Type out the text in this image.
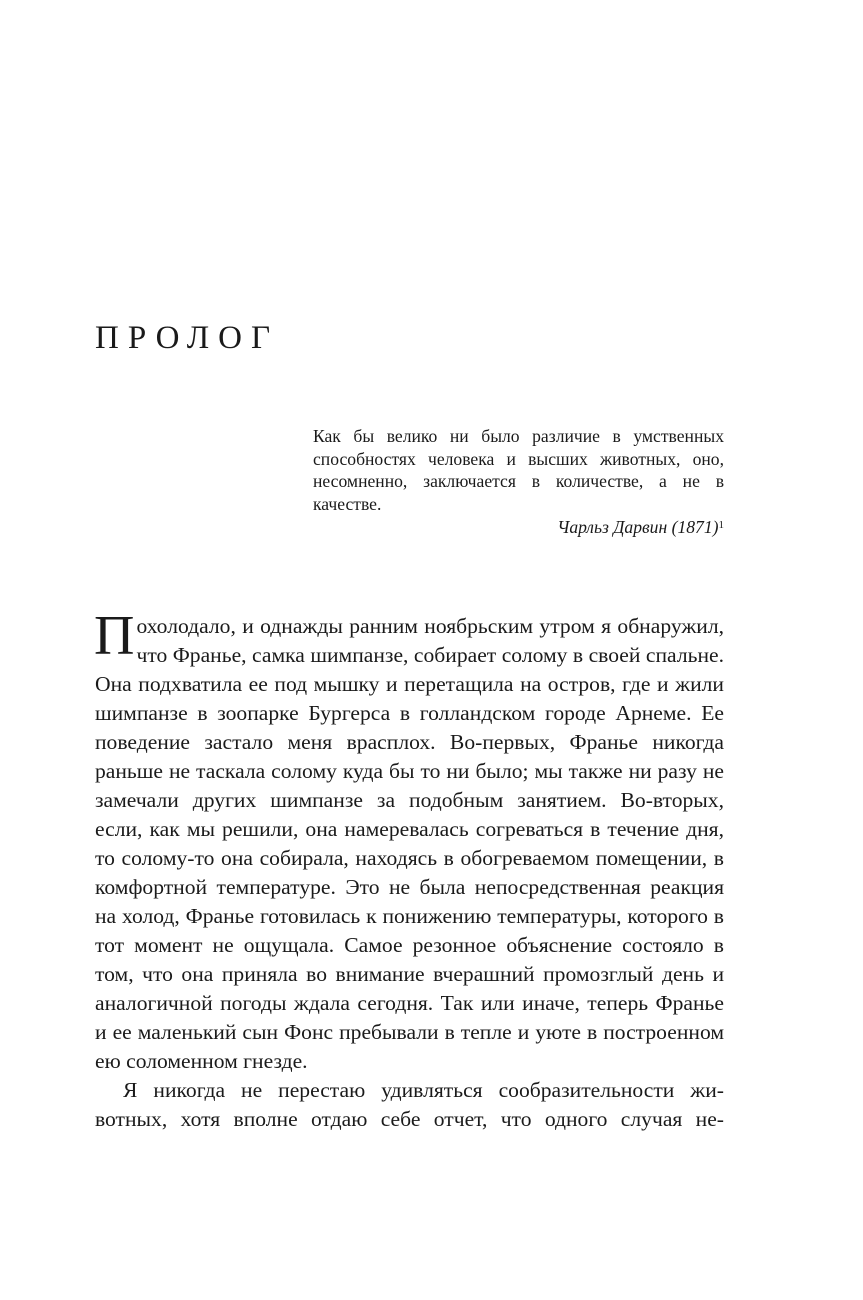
ПРОЛОГ

Как бы велико ни было различие в умственных способностях человека и высших животных, оно, несомненно, заключается в количестве, а не в качестве.

Чарльз Дарвин $(1871)^1$

Похолодало, и однажды ранним ноябрьским утром я обнаружил, что Франье, самка шимпанзе, собирает солому в своей спальне. Она подхватила ее под мышку и перетащила на остров, где и жили шимпанзе в зоопарке Бургерса в голландском городе Арнеме. Ее поведение застало меня врасплох. Во-первых, Франье никогда раньше не таскала солому куда бы то ни было; мы также ни разу не замечали других шимпанзе за подобным занятием. Во-вторых, если, как мы решили, она намеревалась согреваться в течение дня, то солому-то она собирала, находясь в обогреваемом помещении, в комфортной температуре. Это не была непосредственная реакция на холод, Франье готовилась к понижению температуры, которого в тот момент не ощущала. Самое резонное объяснение состояло в том, что она приняла во внимание вчерашний промозглый день и аналогичной погоды ждала сегодня. Так или иначе, теперь Франье и ее маленький сын Фонс пребывали в тепле и уюте в построенном ею соломенном гнезде.

Я никогда не перестаю удивляться сообразительности животных, хотя вполне отдаю себе отчет, что одного случая не-
